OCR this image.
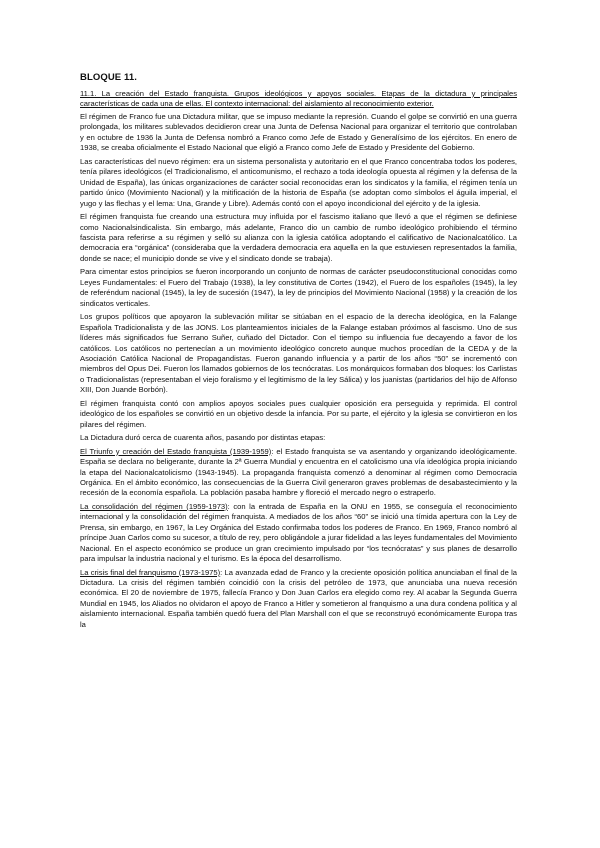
BLOQUE 11.
11.1. La creación del Estado franquista. Grupos ideológicos y apoyos sociales. Etapas de la dictadura y principales características de cada una de ellas. El contexto internacional: del aislamiento al reconocimiento exterior.

El régimen de Franco fue una Dictadura militar, que se impuso mediante la represión. Cuando el golpe se convirtió en una guerra prolongada, los militares sublevados decidieron crear una Junta de Defensa Nacional para organizar el territorio que controlaban y en octubre de 1936 la Junta de Defensa nombró a Franco como Jefe de Estado y Generalísimo de los ejércitos. En enero de 1938, se creaba oficialmente el Estado Nacional que eligió a Franco como Jefe de Estado y Presidente del Gobierno.

Las características del nuevo régimen: era un sistema personalista y autoritario en el que Franco concentraba todos los poderes, tenía pilares ideológicos (el Tradicionalismo, el anticomunismo, el rechazo a toda ideología opuesta al régimen y la defensa de la Unidad de España), las únicas organizaciones de carácter social reconocidas eran los sindicatos y la familia, el régimen tenía un partido único (Movimiento Nacional) y la mitificación de la historia de España (se adoptan como símbolos el águila imperial, el yugo y las flechas y el lema: Una, Grande y Libre). Además contó con el apoyo incondicional del ejército y de la iglesia.

El régimen franquista fue creando una estructura muy influida por el fascismo italiano que llevó a que el régimen se definiese como Nacionalsindicalista. Sin embargo, más adelante, Franco dio un cambio de rumbo ideológico prohibiendo el término fascista para referirse a su régimen y selló su alianza con la iglesia católica adoptando el calificativo de Nacionalcatólico. La democracia era “orgánica” (consideraba que la verdadera democracia era aquella en la que estuviesen representados la familia, donde se nace; el municipio donde se vive y el sindicato donde se trabaja).

Para cimentar estos principios se fueron incorporando un conjunto de normas de carácter pseudoconstitucional conocidas como Leyes Fundamentales: el Fuero del Trabajo (1938), la ley constitutiva de Cortes (1942), el Fuero de los españoles (1945), la ley de referéndum nacional (1945), la ley de sucesión (1947), la ley de principios del Movimiento Nacional (1958) y la creación de los sindicatos verticales.

Los grupos políticos que apoyaron la sublevación militar se sitúaban en el espacio de la derecha ideológica, en la Falange Española Tradicionalista y de las JONS. Los planteamientos iniciales de la Falange estaban próximos al fascismo. Uno de sus líderes más significados fue Serrano Suñer, cuñado del Dictador. Con el tiempo su influencia fue decayendo a favor de los católicos. Los católicos no pertenecían a un movimiento ideológico concreto aunque muchos procedían de la CEDA y de la Asociación Católica Nacional de Propagandistas. Fueron ganando influencia y a partir de los años “50” se incrementó con miembros del Opus Dei. Fueron los llamados gobiernos de los tecnócratas. Los monárquicos formaban dos bloques: los Carlistas o Tradicionalistas (representaban el viejo foralismo y el legitimismo de la ley Sálica) y los juanistas (partidarios del hijo de Alfonso XIII, Don Juande Borbón).

El régimen franquista contó con amplios apoyos sociales pues cualquier oposición era perseguida y reprimida. El control ideológico de los españoles se convirtió en un objetivo desde la infancia. Por su parte, el ejército y la iglesia se convirtieron en los pilares del régimen.

La Dictadura duró cerca de cuarenta años, pasando por distintas etapas:

El Triunfo y creación del Estado franquista (1939-1959): el Estado franquista se va asentando y organizando ideológicamente. España se declara no beligerante, durante la 2ª Guerra Mundial y encuentra en el catolicismo una vía ideológica propia iniciando la etapa del Nacionalcatolicismo (1943-1945). La propaganda franquista comenzó a denominar al régimen como Democracia Orgánica. En el ámbito económico, las consecuencias de la Guerra Civil generaron graves problemas de desabastecimiento y la recesión de la economía española. La población pasaba hambre y floreció el mercado negro o estraperlo.

La consolidación del régimen (1959-1973): con la entrada de España en la ONU en 1955, se conseguía el reconocimiento internacional y la consolidación del régimen franquista. A mediados de los años “60” se inició una tímida apertura con la Ley de Prensa, sin embargo, en 1967, la Ley Orgánica del Estado confirmaba todos los poderes de Franco. En 1969, Franco nombró al príncipe Juan Carlos como su sucesor, a título de rey, pero obligándole a jurar fidelidad a las leyes fundamentales del Movimiento Nacional. En el aspecto económico se produce un gran crecimiento impulsado por “los tecnócratas” y sus planes de desarrollo para impulsar la industria nacional y el turismo. Es la época del desarrollismo.

La crisis final del franquismo (1973-1975): La avanzada edad de Franco y la creciente oposición política anunciaban el final de la Dictadura. La crisis del régimen también coincidió con la crisis del petróleo de 1973, que anunciaba una nueva recesión económica. El 20 de noviembre de 1975, fallecía Franco y Don Juan Carlos era elegido como rey. Al acabar la Segunda Guerra Mundial en 1945, los Aliados no olvidaron el apoyo de Franco a Hitler y sometieron al franquismo a una dura condena política y al aislamiento internacional. España también quedó fuera del Plan Marshall con el que se reconstruyó económicamente Europa tras la
